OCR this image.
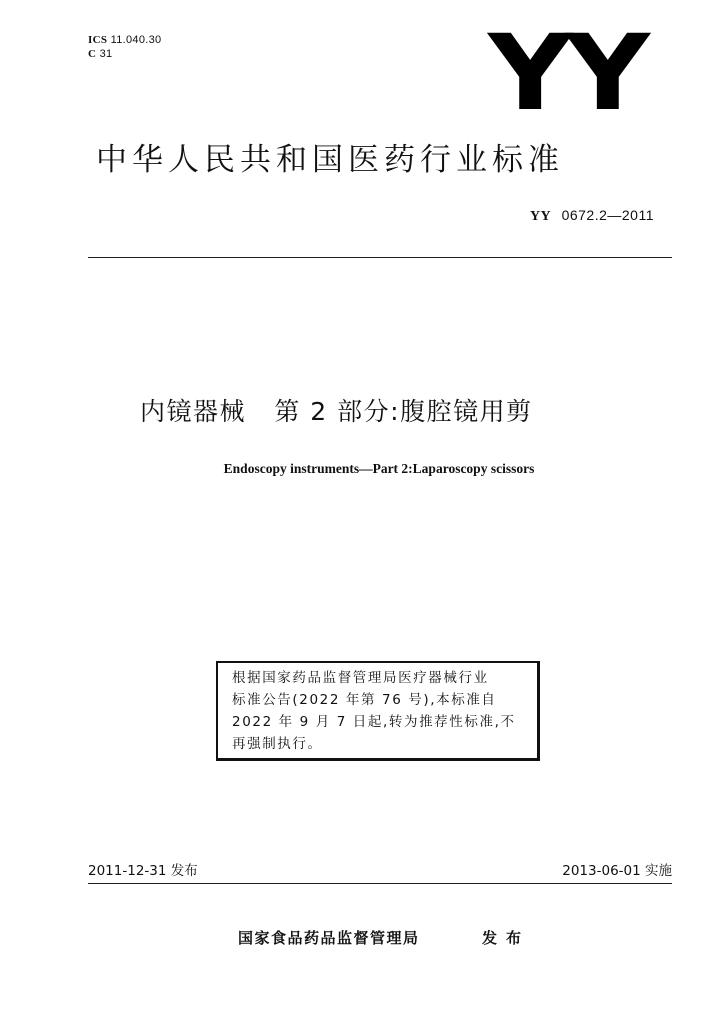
ICS 11.040.30
C 31	YY
中华人民共和国医药行业标准
YY 0672.2—2011
内镜器械   第 2 部分:腹腔镜用剪
Endoscopy instruments—Part 2:Laparoscopy scissors
根据国家药品监督管理局医疗器械行业
标准公告(2022 年第 76 号),本标准自
2022 年 9 月 7 日起,转为推荐性标准,不
再强制执行。
2011-12-31 发布	2013-06-01 实施
国家食品药品监督管理局	发布
